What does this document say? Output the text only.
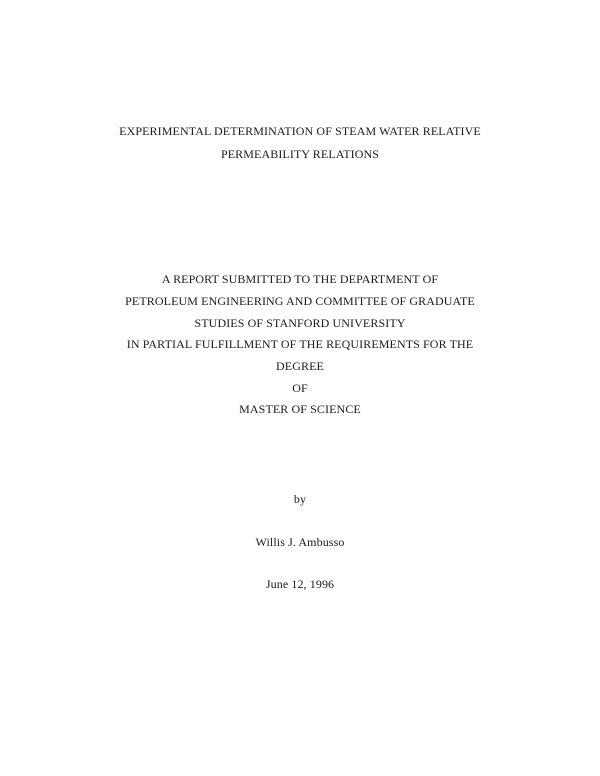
EXPERIMENTAL DETERMINATION OF STEAM WATER RELATIVE
PERMEABILITY RELATIONS
A REPORT SUBMITTED TO THE DEPARTMENT OF
PETROLEUM ENGINEERING AND COMMITTEE OF GRADUATE
STUDIES OF STANFORD UNIVERSITY
IN PARTIAL FULFILLMENT OF THE REQUIREMENTS FOR THE
DEGREE
OF
MASTER OF SCIENCE
by
Willis J. Ambusso
June 12, 1996
